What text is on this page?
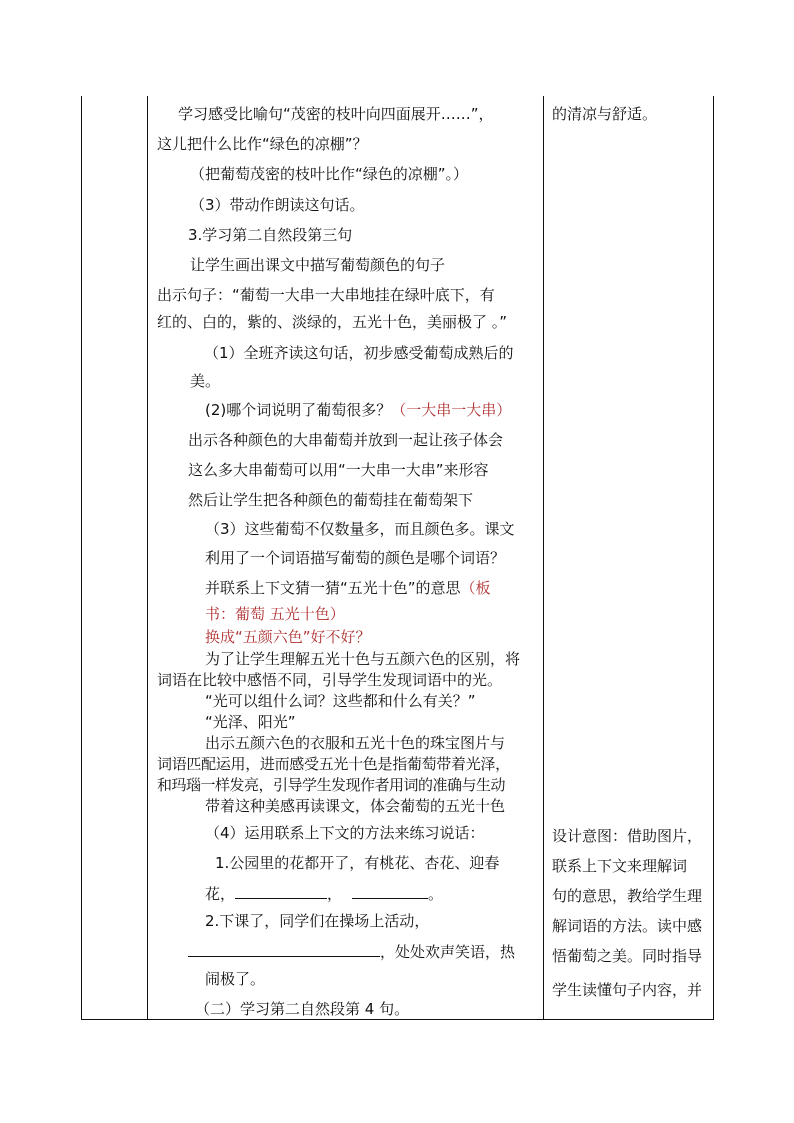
学习感受比喻句“茂密的枝叶向四面展开……”，
这儿把什么比作“绿色的凉棚”？
（把葡萄茂密的枝叶比作“绿色的凉棚”。）
（3）带动作朗读这句话。
3.学习第二自然段第三句
让学生画出课文中描写葡萄颜色的句子
出示句子：“葡萄一大串一大串地挂在绿叶底下，有
红的、白的，紫的、淡绿的，五光十色，美丽极了 。”
（1）全班齐读这句话，初步感受葡萄成熟后的
美。
(2)哪个词说明了葡萄很多？（一大串一大串）
出示各种颜色的大串葡萄并放到一起让孩子体会
这么多大串葡萄可以用“一大串一大串”来形容
然后让学生把各种颜色的葡萄挂在葡萄架下
（3）这些葡萄不仅数量多，而且颜色多。课文
利用了一个词语描写葡萄的颜色是哪个词语？
并联系上下文猜一猜“五光十色”的意思（板
书：葡萄 五光十色）
换成“五颜六色”好不好？
为了让学生理解五光十色与五颜六色的区别，将
词语在比较中感悟不同，引导学生发现词语中的光。
“光可以组什么词？这些都和什么有关？”
“光泽、阳光”
出示五颜六色的衣服和五光十色的珠宝图片与
词语匹配运用，进而感受五光十色是指葡萄带着光泽，
和玛瑙一样发亮，引导学生发现作者用词的准确与生动
带着这种美感再读课文，体会葡萄的五光十色
（4）运用联系上下文的方法来练习说话：
1.公园里的花都开了，有桃花、杏花、迎春
花，	，	。
2.下课了，同学们在操场上活动，
，处处欢声笑语，热
闹极了。
（二）学习第二自然段第 4 句。
的清凉与舒适。
设计意图：借助图片，
联系上下文来理解词
句的意思，教给学生理
解词语的方法。读中感
悟葡萄之美。同时指导
学生读懂句子内容，并
